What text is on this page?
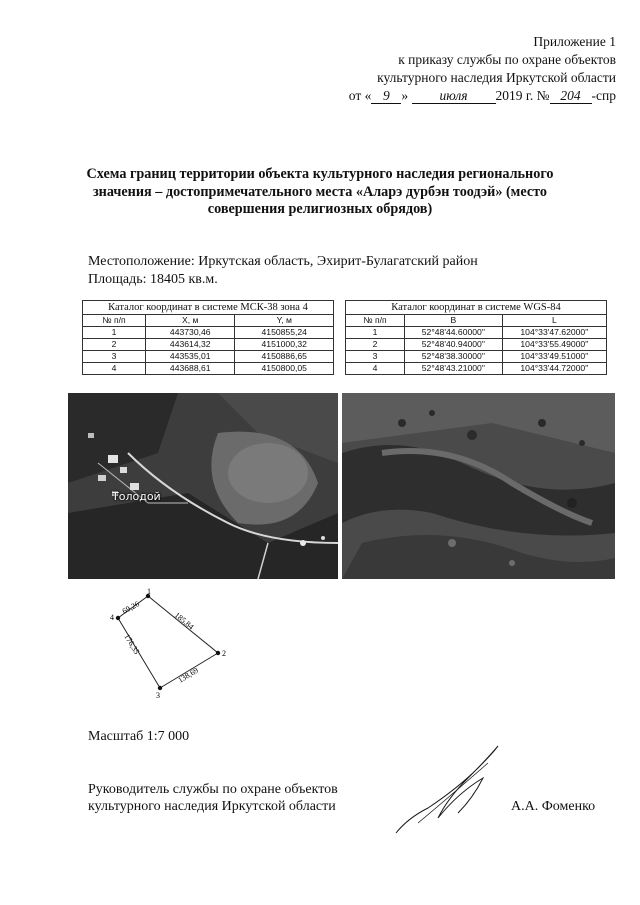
Приложение 1
к приказу службы по охране объектов
культурного наследия Иркутской области
от « 9 » июля 2019 г. № 204 -спр
Схема границ территории объекта культурного наследия регионального значения – достопримечательного места «Аларэ дурбэн тоодэй» (место совершения религиозных обрядов)
Местоположение: Иркутская область, Эхирит-Булагатский район
Площадь: 18405 кв.м.
Каталог координат в системе МСК-38 зона 4		
№ п/п	X, м	Y, м
1	443730,46	4150855,24
2	443614,32	4151000,32
3	443535,01	4150886,65
4	443688,61	4150800,05
Каталог координат в системе WGS-84		
№ п/п	B	L
1	52°48'44.60000"	104°33'47.62000"
2	52°48'40.94000"	104°33'55.49000"
3	52°48'38.30000"	104°33'49.51000"
4	52°48'43.21000"	104°33'44.72000"
Толодой
1
2
3
4	185,84
138,69
176,35
69,26
Масштаб 1:7 000
Руководитель службы по охране объектов
культурного наследия Иркутской области	А.А. Фоменко
